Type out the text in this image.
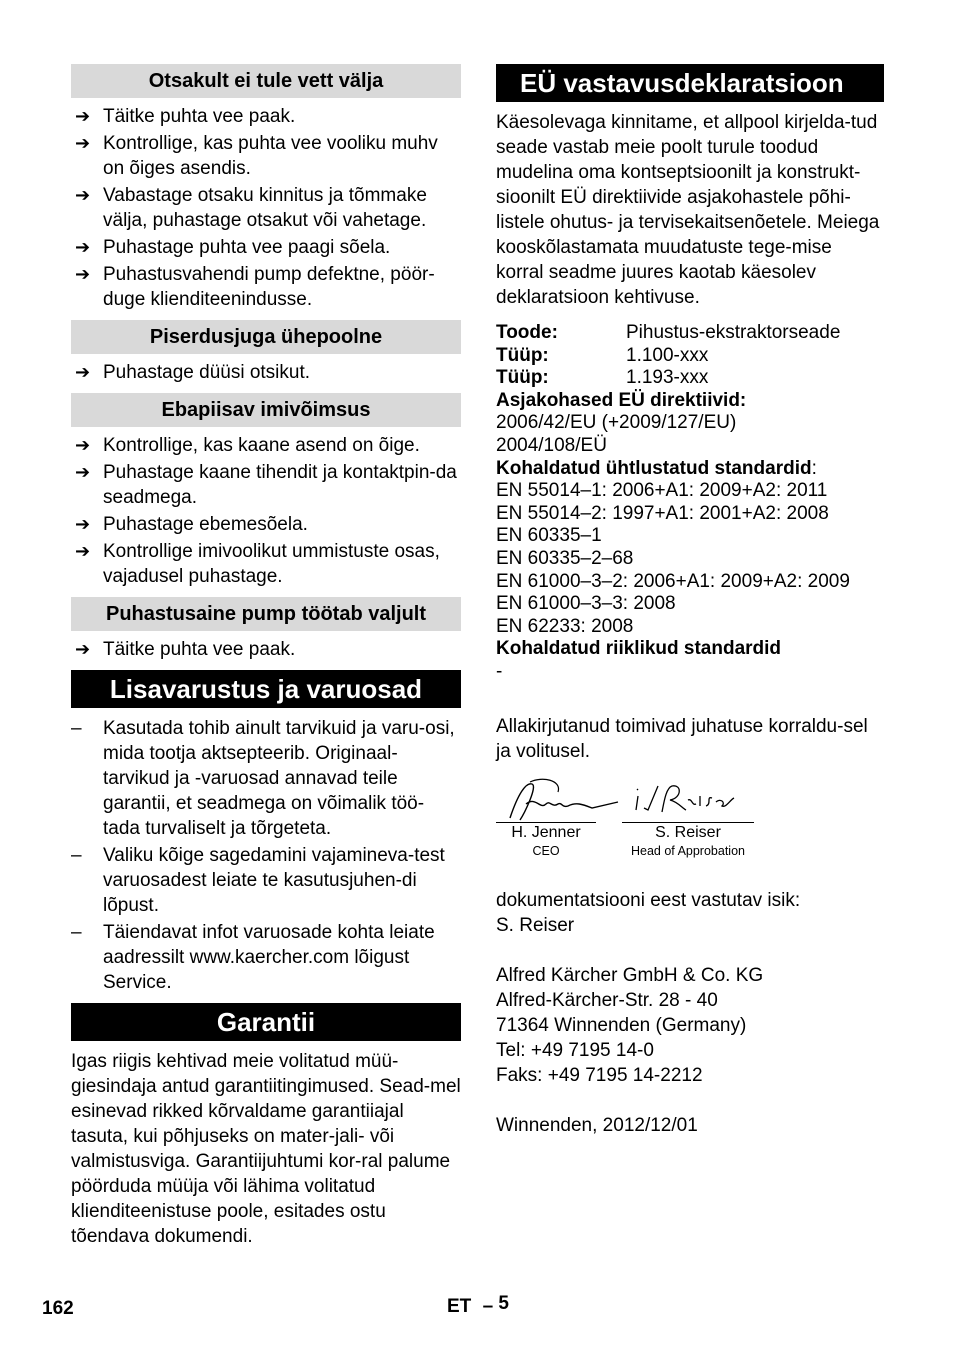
Otsakult ei tule vett välja
➔ Täitke puhta vee paak.
➔ Kontrollige, kas puhta vee vooliku muhv on õiges asendis.
➔ Vabastage otsaku kinnitus ja tõmmake välja, puhastage otsakut või vahetage.
➔ Puhastage puhta vee paagi sõela.
➔ Puhastusvahendi pump defektne, pöör-duge klienditeenindusse.
Piserdusjuga ühepoolne
➔ Puhastage düüsi otsikut.
Ebapiisav imivõimsus
➔ Kontrollige, kas kaane asend on õige.
➔ Puhastage kaane tihendit ja kontaktpin-da seadmega.
➔ Puhastage ebemesõela.
➔ Kontrollige imivoolikut ummistuste osas, vajadusel puhastage.
Puhastusaine pump töötab valjult
➔ Täitke puhta vee paak.
Lisavarustus ja varuosad
– Kasutada tohib ainult tarvikuid ja varu-osi, mida tootja aktsepteerib. Originaal-tarvikud ja -varuosad annavad teile garantii, et seadmega on võimalik töö-tada turvaliselt ja tõrgeteta.
– Valiku kõige sagedamini vajamineva-test varuosadest leiate te kasutusjuhen-di lõpust.
– Täiendavat infot varuosade kohta leiate aadressilt www.kaercher.com lõigust Service.
Garantii

Igas riigis kehtivad meie volitatud müü-giesindaja antud garantiitingimused. Sead-mel esinevad rikked kõrvaldame garantiiajal tasuta, kui põhjuseks on mater-jali- või valmistusviga. Garantiijuhtumi kor-ral palume pöörduda müüja või lähima volitatud klienditeenistuse poole, esitades ostu tõendava dokumendi.

EÜ vastavusdeklaratsioon

Käesolevaga kinnitame, et allpool kirjelda-tud seade vastab meie poolt turule toodud mudelina oma kontseptsioonilt ja konstrukt-sioonilt EÜ direktiivide asjakohastele põhi-listele ohutus- ja tervisekaitsenõetele. Meiega kooskõlastamata muudatuste tege-mise korral seadme juures kaotab käesolev deklaratsioon kehtivuse.

Toode:	Pihustus-ekstraktorseade
Tüüp:	1.100-xxx
Tüüp:	1.193-xxx
Asjakohased EÜ direktiivid:
2006/42/EU (+2009/127/EU)
2004/108/EÜ
Kohaldatud ühtlustatud standardid:
EN 55014–1: 2006+A1: 2009+A2: 2011
EN 55014–2: 1997+A1: 2001+A2: 2008
EN 60335–1
EN 60335–2–68
EN 61000–3–2: 2006+A1: 2009+A2: 2009
EN 61000–3–3: 2008
EN 62233: 2008
Kohaldatud riiklikud standardid
-

Allakirjutanud toimivad juhatuse korraldu-sel ja volitusel.

H. Jenner
CEO
S. Reiser
Head of Approbation
dokumentatsiooni eest vastutav isik:
S. Reiser
Alfred Kärcher GmbH & Co. KG
Alfred-Kärcher-Str. 28 - 40
71364 Winnenden (Germany)
Tel: +49 7195 14-0
Faks: +49 7195 14-2212
Winnenden, 2012/12/01
162	ET – 5
